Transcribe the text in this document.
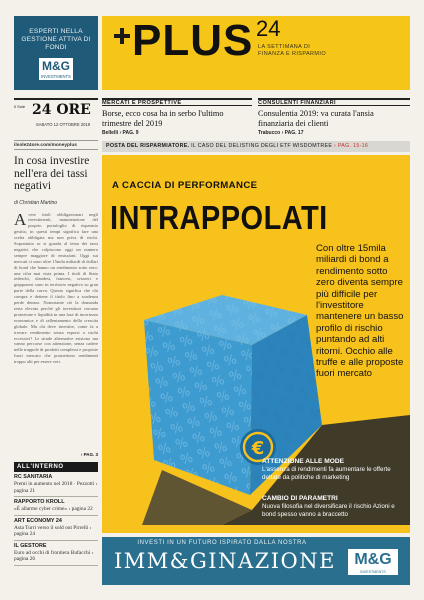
ESPERTI NELLA GESTIONE ATTIVA DI FONDI
M&G
INVESTMENTS
PLUS 24
LA SETTIMANA DI FINANZA E RISPARMIO
Il Sole 24 ORE
SABATO 12 OTTOBRE 2019
ilsole24ore.com/moneyplus
MERCATI E PROSPETTIVE
Borse, ecco cosa ha in serbo l'ultimo trimestre del 2019
Bellelli › PAG. 9
CONSULENTI FINANZIARI
Consulentia 2019: va curata l'ansia finanziaria dei clienti
Trabucco › PAG. 17
POSTA DEL RISPARMIATORE. IL CASO DEL DELISTING DEGLI ETF WISDOMTREE › PAG. 15-16
In cosa investire nell'era dei tassi negativi
di Christian Martino
Avere titoli obbligazionari negli investimenti, manutenzione del proprio portafoglio di risparmio gestito, in questi tempi significa fare una scelta obbligata ma non priva di rischi. Soprattutto se si guarda al tema dei tassi negativi che colpiscono oggi un numero sempre maggiore di emissioni. Oggi sui mercati ci sono oltre 15mila miliardi di dollari di bond che hanno un rendimento sotto zero: una cifra mai vista prima. I titoli di Stato tedeschi, olandesi, francesi, svizzeri e giapponesi sono in territorio negativo su gran parte della curva. Questo significa che chi compra e detiene il titolo fino a scadenza perde denaro. Nonostante ciò la domanda resta elevata perché gli investitori cercano protezione e liquidità in una fase di incertezza economica e di rallentamento della crescita globale. Ma chi deve investire, come fa a trovare rendimento senza esporsi a rischi eccessivi? Le strade alternative esistono ma vanno percorse con attenzione, senza cadere nelle trappole di prodotti complessi e proposte fuori mercato che promettono rendimenti troppo alti per essere veri.
› PAG. 3
ALL'INTERNO
RC SANITARIA
Premi in aumento nel 2018 · Pezzotti › pagina 21
RAPPORTO KROLL
«È allarme cyber crime» › pagina 22
ART ECONOMY 24
Asta Turri verso il sold out Pirrelli › pagina 24
IL GESTORE
Euro ad occhi di frontiera Bufacchi › pagina 26
A CACCIA DI PERFORMANCE
INTRAPPOLATI
€
Con oltre 15mila miliardi di bond a rendimento sotto zero diventa sempre più difficile per l'investitore mantenere un basso profilo di rischio puntando ad alti ritorni. Occhio alle truffe e alle proposte fuori mercato
ATTENZIONE ALLE MODE
L'assenza di rendimenti fa aumentare le offerte dettate da politiche di marketing
CAMBIO DI PARAMETRI
Nuova filosofia nel diversificare il rischio Azioni e bond spesso vanno a braccetto
INVESTI IN UN FUTURO ISPIRATO DALLA NOSTRA
IMM&GINAZIONE	M&G
INVESTMENTS
